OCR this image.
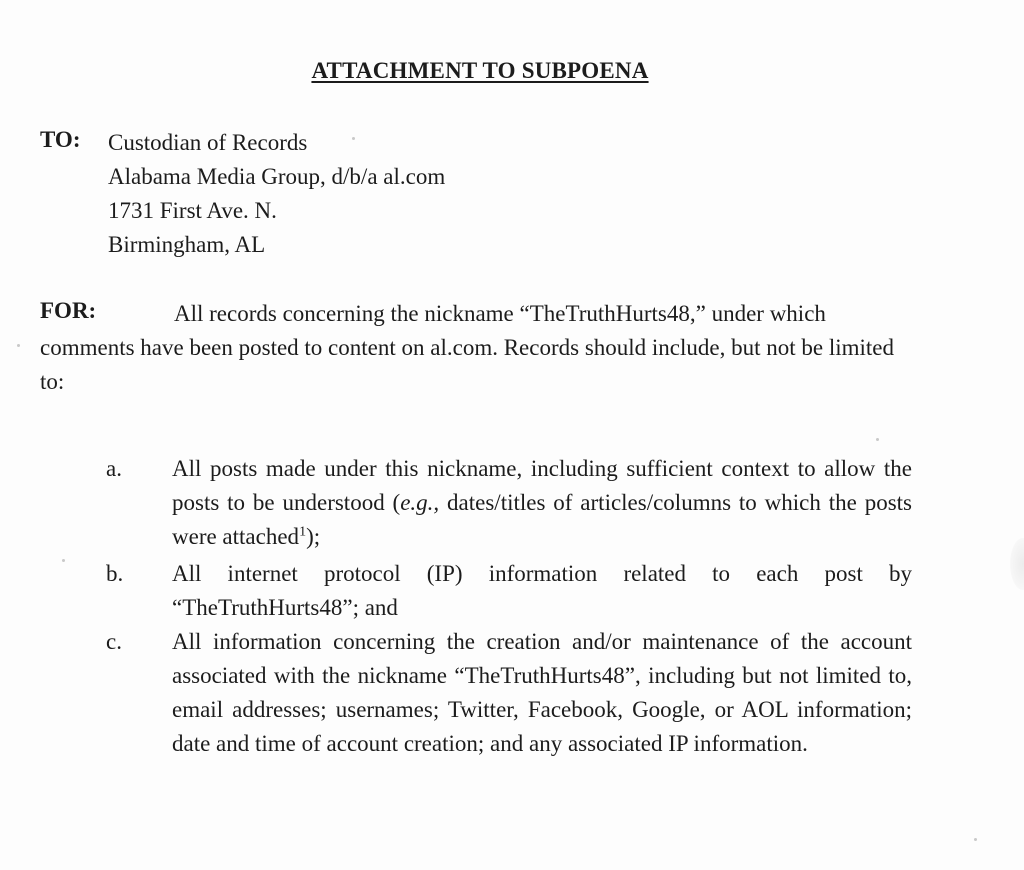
ATTACHMENT TO SUBPOENA
TO: Custodian of Records
Alabama Media Group, d/b/a al.com
1731 First Ave. N.
Birmingham, AL
FOR:	All records concerning the nickname “TheTruthHurts48,” under which comments have been posted to content on al.com. Records should include, but not be limited to:
a. All posts made under this nickname, including sufficient context to allow the posts to be understood (e.g., dates/titles of articles/columns to which the posts were attached$^1$);
b. All internet protocol (IP) information related to each post by “TheTruthHurts48”; and
c. All information concerning the creation and/or maintenance of the account associated with the nickname “TheTruthHurts48”, including but not limited to, email addresses; usernames; Twitter, Facebook, Google, or AOL information; date and time of account creation; and any associated IP information.
